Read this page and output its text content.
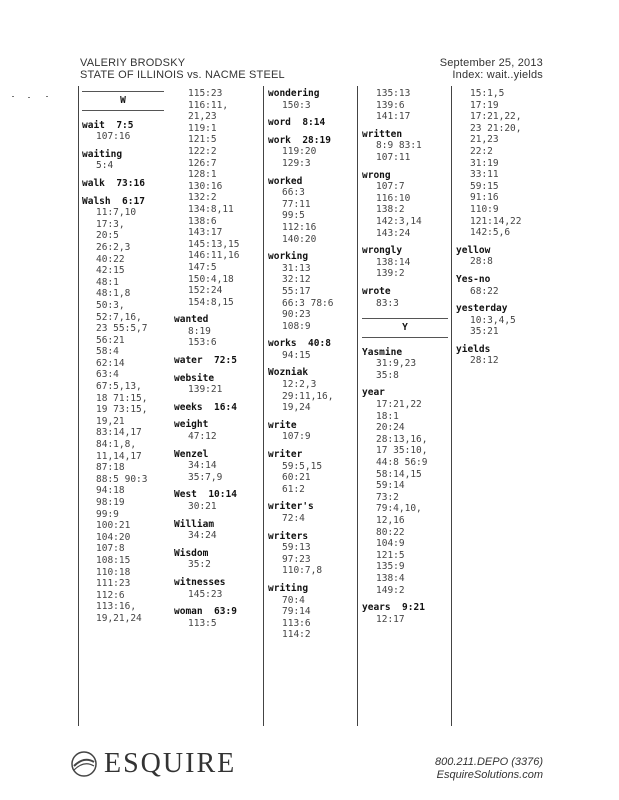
VALERIY BRODSKY
STATE OF ILLINOIS vs. NACME STEEL
September 25, 2013
Index: wait..yields
W
wait  7:5
107:16
waiting
5:4
walk  73:16
Walsh  6:17
11:7,10
17:3,
20:5
26:2,3
40:22
42:15
48:1
48:1,8
50:3,
52:7,16,
23 55:5,7
56:21
58:4
62:14
63:4
67:5,13,
18 71:15,
19 73:15,
19,21
83:14,17
84:1,8,
11,14,17
87:18
88:5 90:3
94:18
98:19
99:9
100:21
104:20
107:8
108:15
110:18
111:23
112:6
113:16,
19,21,24
115:23
116:11,
21,23
119:1
121:5
122:2
126:7
128:1
130:16
132:2
134:8,11
138:6
143:17
145:13,15
146:11,16
147:5
150:4,18
152:24
154:8,15
wanted
8:19
153:6
water  72:5
website
139:21
weeks  16:4
weight
47:12
Wenzel
34:14
35:7,9
West  10:14
30:21
William
34:24
Wisdom
35:2
witnesses
145:23
woman  63:9
113:5
wondering
150:3
word  8:14
work  28:19
119:20
129:3
worked
66:3
77:11
99:5
112:16
140:20
working
31:13
32:12
55:17
66:3 78:6
90:23
108:9
works  40:8
94:15
Wozniak
12:2,3
29:11,16,
19,24
write
107:9
writer
59:5,15
60:21
61:2
writer's
72:4
writers
59:13
97:23
110:7,8
writing
70:4
79:14
113:6
114:2
135:13
139:6
141:17
written
8:9 83:1
107:11
wrong
107:7
116:10
138:2
142:3,14
143:24
wrongly
138:14
139:2
wrote
83:3
Y
Yasmine
31:9,23
35:8
year
17:21,22
18:1
20:24
28:13,16,
17 35:10,
44:8 56:9
58:14,15
59:14
73:2
79:4,10,
12,16
80:22
104:9
121:5
135:9
138:4
149:2
years  9:21
12:17
15:1,5
17:19
17:21,22,
23 21:20,
21,23
22:2
31:19
33:11
59:15
91:16
110:9
121:14,22
142:5,6
yellow
28:8
Yes-no
68:22
yesterday
10:3,4,5
35:21
yields
28:12
ESQUIRE	800.211.DEPO (3376)
EsquireSolutions.com
